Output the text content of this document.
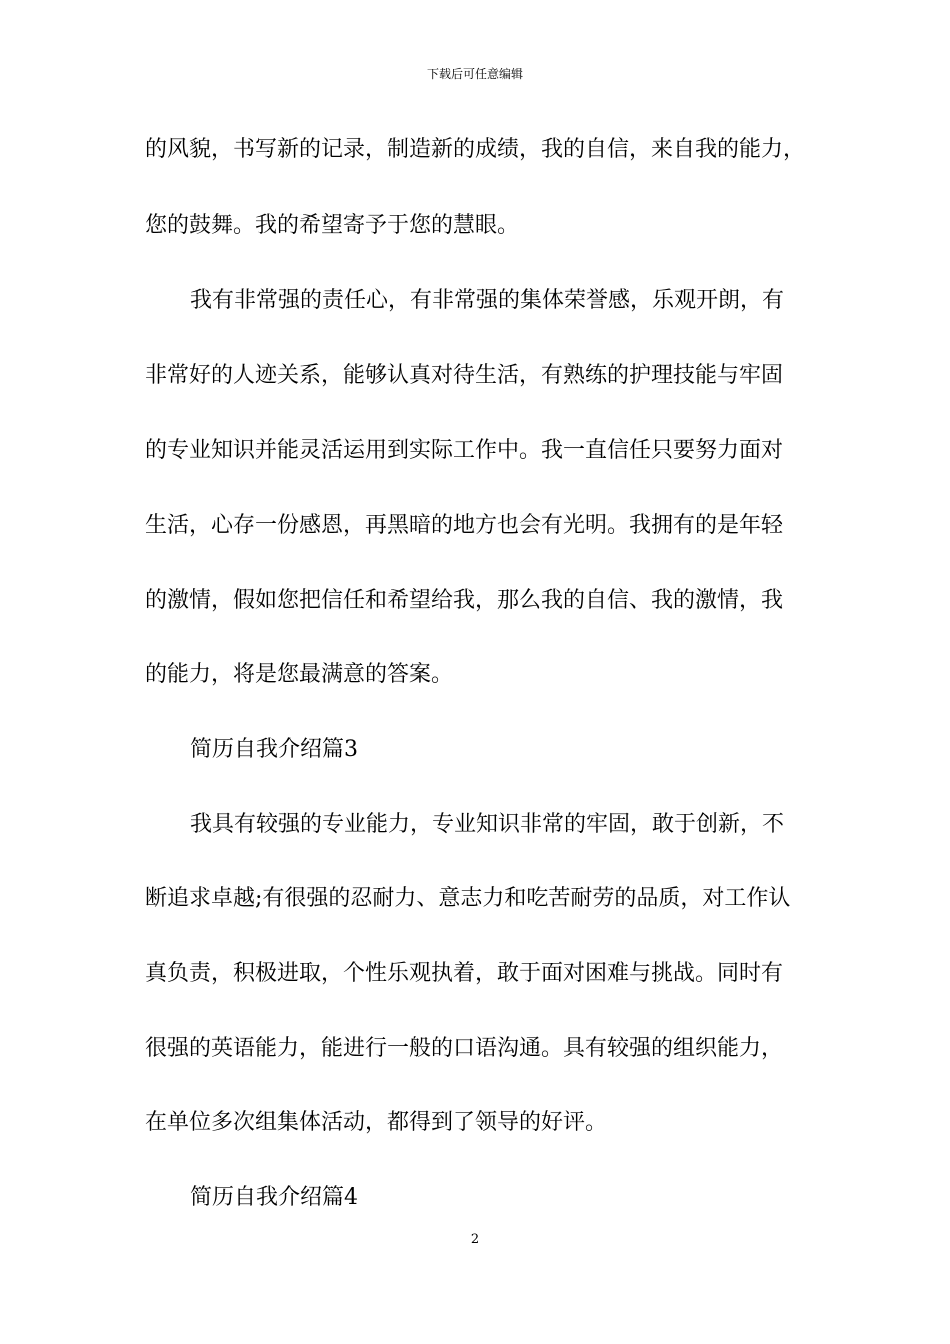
下载后可任意编辑
的风貌，书写新的记录，制造新的成绩，我的自信，来自我的能力，
您的鼓舞。我的希望寄予于您的慧眼。
我有非常强的责任心，有非常强的集体荣誉感，乐观开朗，有
非常好的人迹关系，能够认真对待生活，有熟练的护理技能与牢固
的专业知识并能灵活运用到实际工作中。我一直信任只要努力面对
生活，心存一份感恩，再黑暗的地方也会有光明。我拥有的是年轻
的激情，假如您把信任和希望给我，那么我的自信、我的激情，我
的能力，将是您最满意的答案。
简历自我介绍篇3
我具有较强的专业能力，专业知识非常的牢固，敢于创新，不
断追求卓越;有很强的忍耐力、意志力和吃苦耐劳的品质，对工作认
真负责，积极进取，个性乐观执着，敢于面对困难与挑战。同时有
很强的英语能力，能进行一般的口语沟通。具有较强的组织能力，
在单位多次组集体活动，都得到了领导的好评。
简历自我介绍篇4
2
